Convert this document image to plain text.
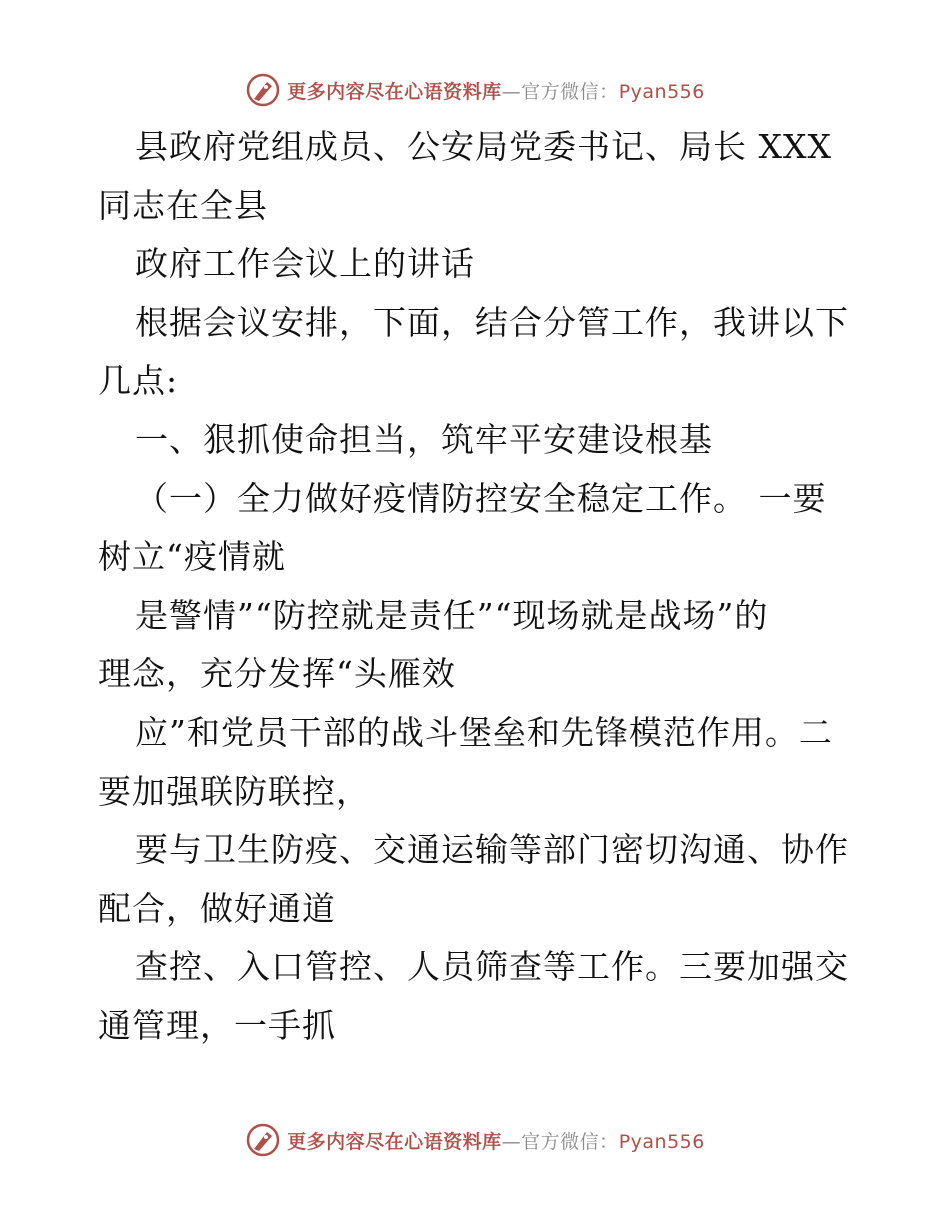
更多内容尽在心语资料库—官方微信：Pyan556
县政府党组成员、公安局党委书记、局长 XXX
同志在全县
政府工作会议上的讲话
根据会议安排，下面，结合分管工作，我讲以下
几点:
一、狠抓使命担当，筑牢平安建设根基
（一）全力做好疫情防控安全稳定工作。 一要
树立“疫情就
是警情”“防控就是责任”“现场就是战场”的
理念，充分发挥“头雁效
应”和党员干部的战斗堡垒和先锋模范作用。二
要加强联防联控，
要与卫生防疫、交通运输等部门密切沟通、协作
配合，做好通道
查控、入口管控、人员筛查等工作。三要加强交
通管理，一手抓
更多内容尽在心语资料库—官方微信：Pyan556
